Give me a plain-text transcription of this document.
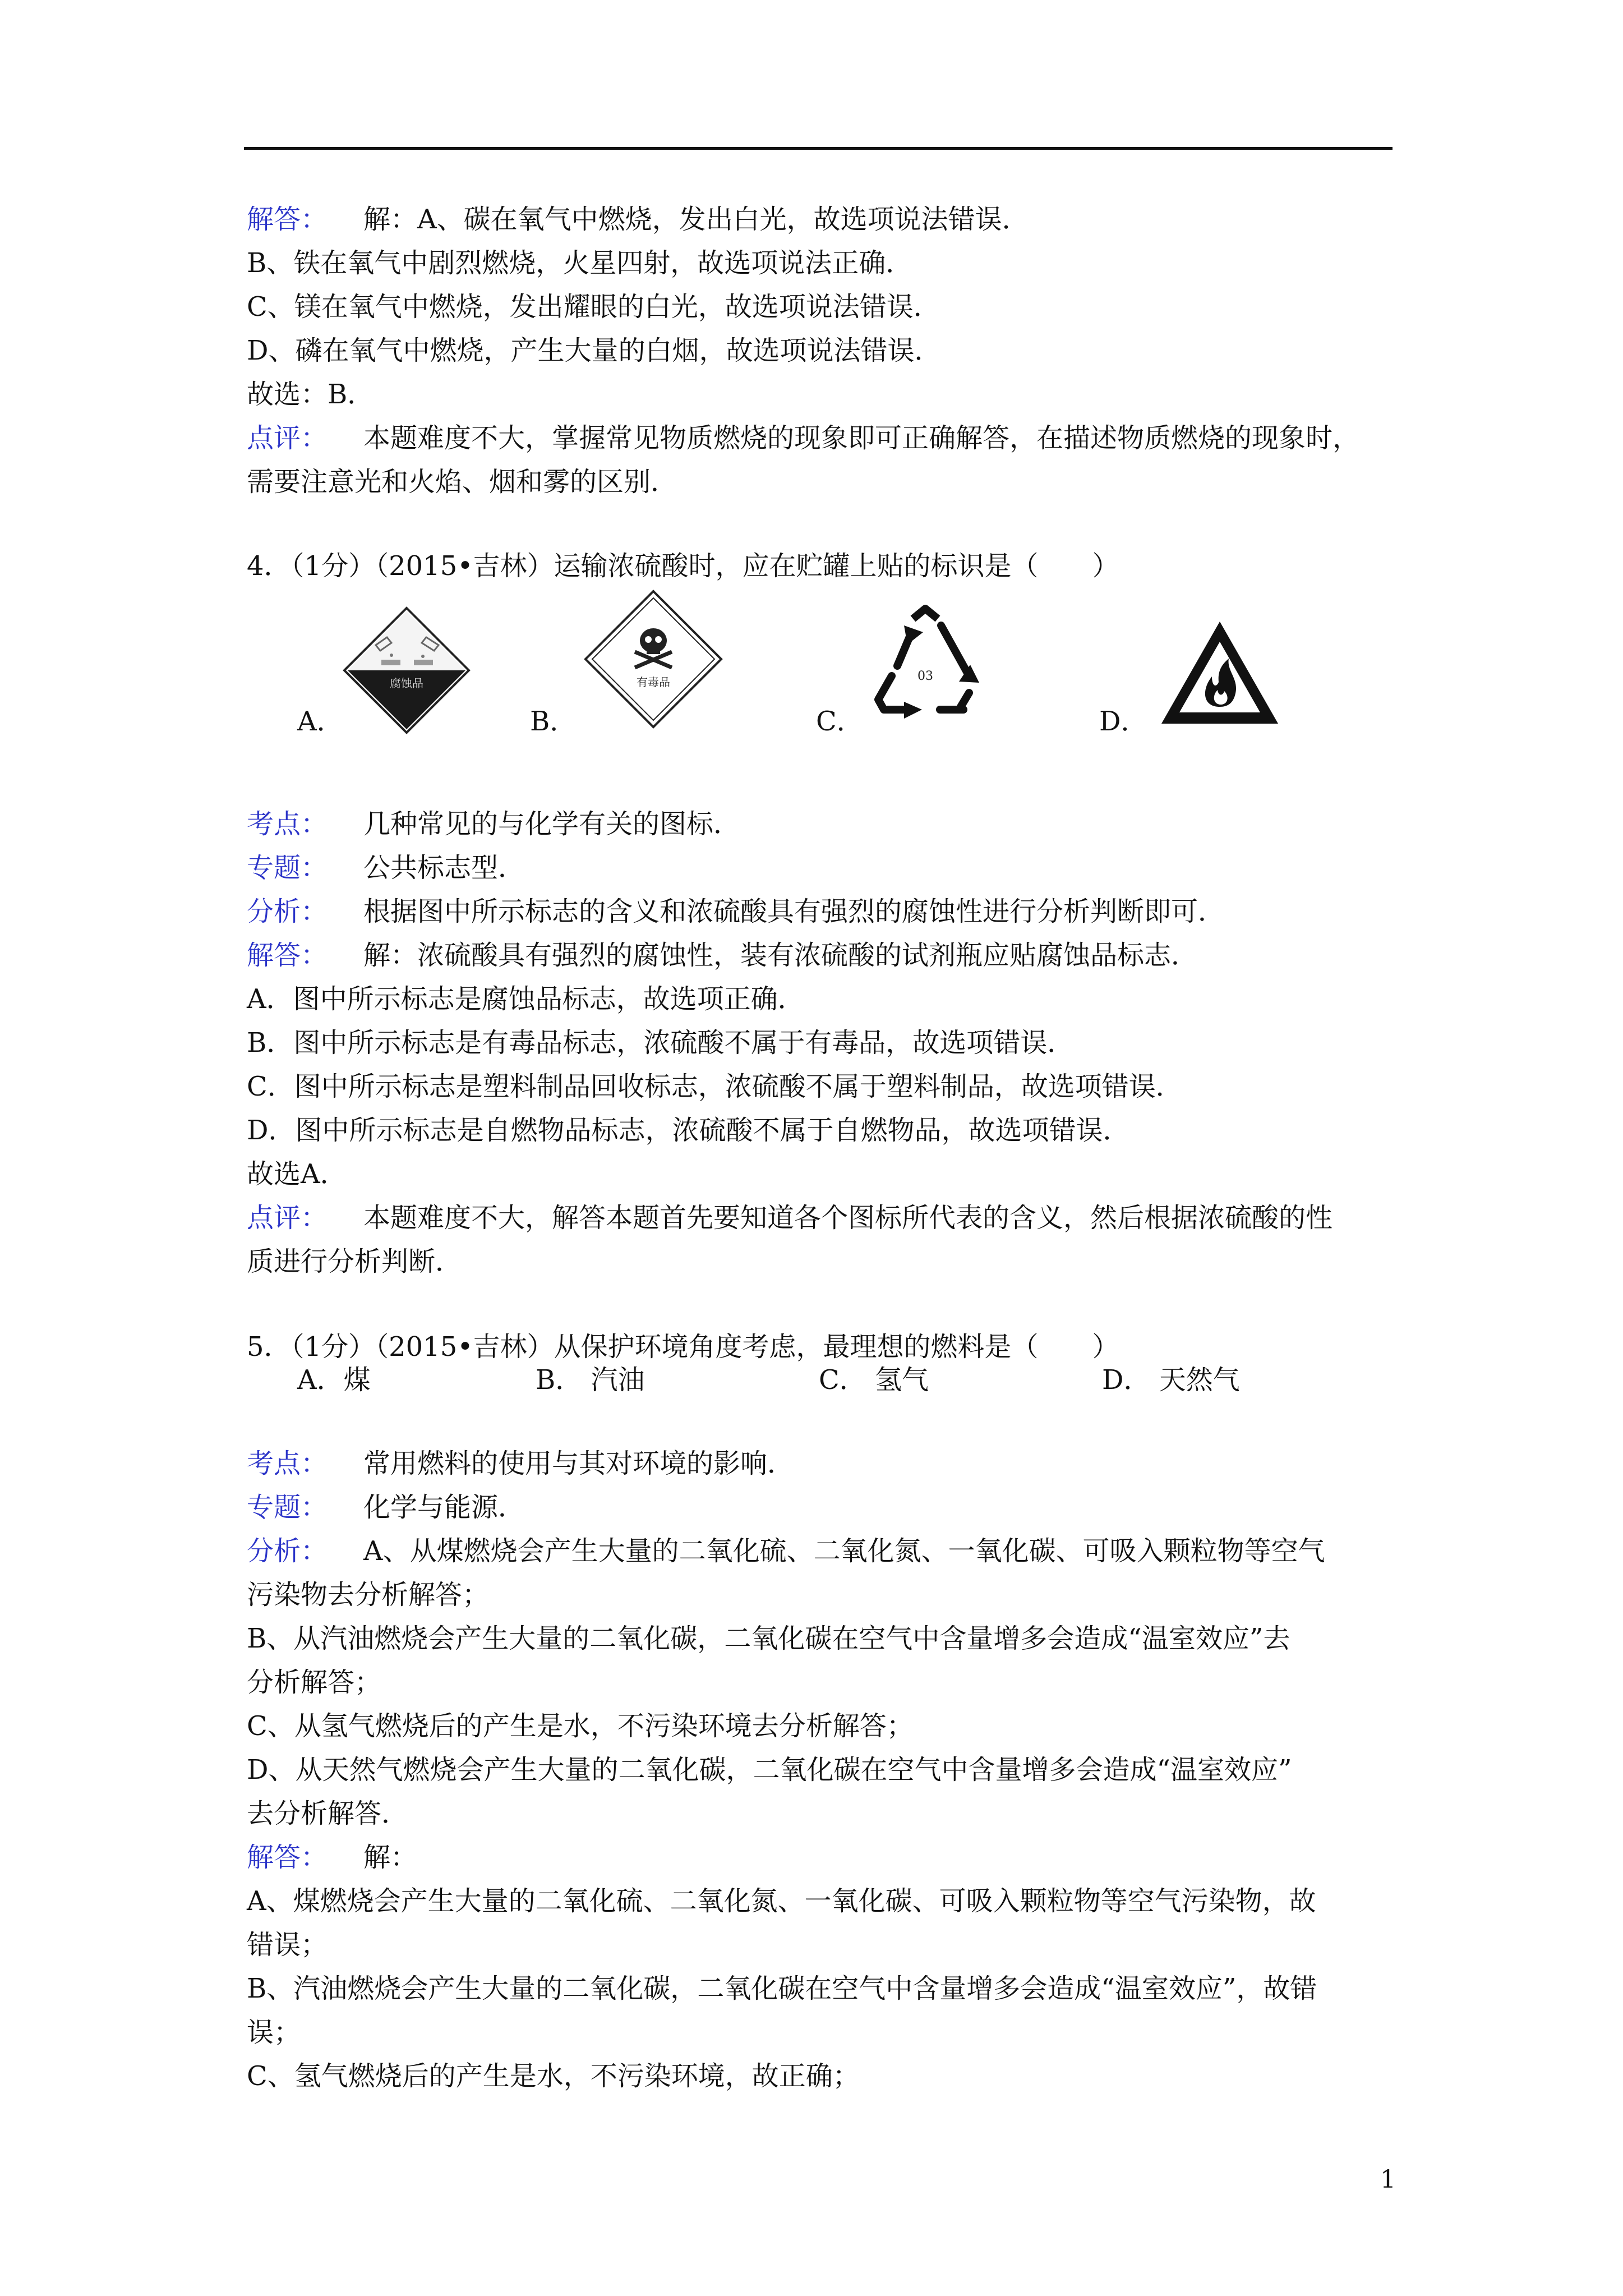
解答： 解：A、碳在氧气中燃烧，发出白光，故选项说法错误．
B、铁在氧气中剧烈燃烧，火星四射，故选项说法正确．
C、镁在氧气中燃烧，发出耀眼的白光，故选项说法错误．
D、磷在氧气中燃烧，产生大量的白烟，故选项说法错误．
故选：B．
点评： 本题难度不大，掌握常见物质燃烧的现象即可正确解答，在描述物质燃烧的现象时，
需要注意光和火焰、烟和雾的区别．
4．（1分）（2015•吉林）运输浓硫酸时，应在贮罐上贴的标识是（　　）
A．
腐蚀品
B．
有毒品
C．
03
D．
考点： 几种常见的与化学有关的图标．
专题： 公共标志型．
分析： 根据图中所示标志的含义和浓硫酸具有强烈的腐蚀性进行分析判断即可．
解答： 解：浓硫酸具有强烈的腐蚀性，装有浓硫酸的试剂瓶应贴腐蚀品标志．
A．图中所示标志是腐蚀品标志，故选项正确．
B．图中所示标志是有毒品标志，浓硫酸不属于有毒品，故选项错误．
C．图中所示标志是塑料制品回收标志，浓硫酸不属于塑料制品，故选项错误．
D．图中所示标志是自燃物品标志，浓硫酸不属于自燃物品，故选项错误．
故选A．
点评： 本题难度不大，解答本题首先要知道各个图标所代表的含义，然后根据浓硫酸的性
质进行分析判断．
5．（1分）（2015•吉林）从保护环境角度考虑，最理想的燃料是（　　）
A．煤	B． 汽油	C． 氢气	D． 天然气
考点： 常用燃料的使用与其对环境的影响．
专题： 化学与能源．
分析： A、从煤燃烧会产生大量的二氧化硫、二氧化氮、一氧化碳、可吸入颗粒物等空气
污染物去分析解答；
B、从汽油燃烧会产生大量的二氧化碳，二氧化碳在空气中含量增多会造成“温室效应”去
分析解答；
C、从氢气燃烧后的产生是水，不污染环境去分析解答；
D、从天然气燃烧会产生大量的二氧化碳，二氧化碳在空气中含量增多会造成“温室效应”
去分析解答．
解答： 解：
A、煤燃烧会产生大量的二氧化硫、二氧化氮、一氧化碳、可吸入颗粒物等空气污染物，故
错误；
B、汽油燃烧会产生大量的二氧化碳，二氧化碳在空气中含量增多会造成“温室效应”，故错
误；
C、氢气燃烧后的产生是水，不污染环境，故正确；
1
